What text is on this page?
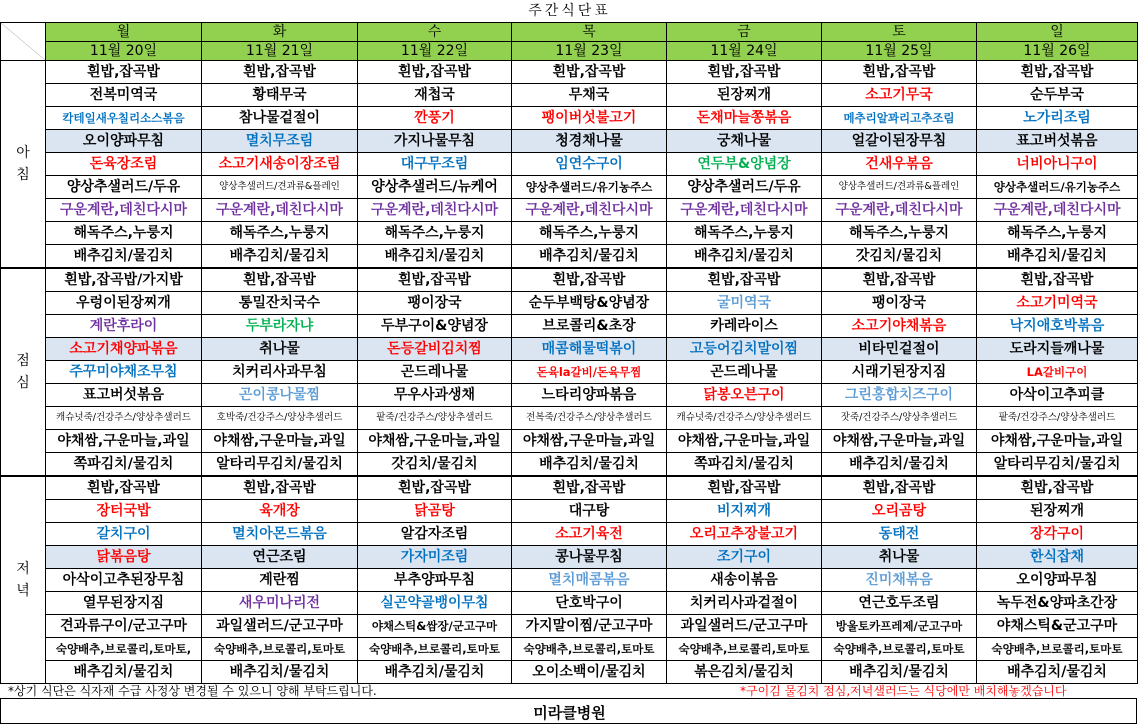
주간식단표
	월	화	수	목	금	토	일
	11월 20일	11월 21일	11월 22일	11월 23일	11월 24일	11월 25일	11월 26일
아침	흰밥,잡곡밥	흰밥,잡곡밥	흰밥,잡곡밥	흰밥,잡곡밥	흰밥,잡곡밥	흰밥,잡곡밥	흰밥,잡곡밥
	전복미역국	황태무국	재첩국	무채국	된장찌개	소고기무국	순두부국
	칵테일새우칠리소스볶음	참나물겉절이	깐풍기	팽이버섯불고기	돈채마늘쫑볶음	메추리알꽈리고추조림	노가리조림
	오이양파무침	멸치무조림	가지나물무침	청경채나물	궁채나물	얼갈이된장무침	표고버섯볶음
	돈육장조림	소고기새송이장조림	대구무조림	임연수구이	연두부&양념장	건새우볶음	너비아니구이
	양상추샐러드/두유	양상추샐러드/견과류&플레인	양상추샐러드/뉴케어	양상추샐러드/유기농주스	양상추샐러드/두유	양상추샐러드/견과류&플레인	양상추샐러드/유기농주스
	구운계란,데친다시마	구운계란,데친다시마	구운계란,데친다시마	구운계란,데친다시마	구운계란,데친다시마	구운계란,데친다시마	구운계란,데친다시마
	해독주스,누룽지	해독주스,누룽지	해독주스,누룽지	해독주스,누룽지	해독주스,누룽지	해독주스,누룽지	해독주스,누룽지
	배추김치/물김치	배추김치/물김치	배추김치/물김치	배추김치/물김치	배추김치/물김치	갓김치/물김치	배추김치/물김치
점심	흰밥,잡곡밥/가지밥	흰밥,잡곡밥	흰밥,잡곡밥	흰밥,잡곡밥	흰밥,잡곡밥	흰밥,잡곡밥	흰밥,잡곡밥
	우렁이된장찌개	통밀잔치국수	팽이장국	순두부백탕&양념장	굴미역국	팽이장국	소고기미역국
	계란후라이	두부라자냐	두부구이&양념장	브로콜리&초장	카레라이스	소고기야채볶음	낙지애호박볶음
	소고기채양파볶음	취나물	돈등갈비김치찜	매콤해물떡볶이	고등어김치말이찜	비타민겉절이	도라지들깨나물
	주꾸미야채조무침	치커리사과무침	곤드레나물	돈육la갈비/돈육무찜	곤드레나물	시래기된장지짐	LA갈비구이
	표고버섯볶음	곤이콩나물찜	무우사과생채	느타리양파볶음	닭봉오븐구이	그린홍합치즈구이	아삭이고추피클
	캐슈넛죽/건강주스/양상추샐러드	호박죽/건강주스/양상추샐러드	팥죽/건강주스/양상추샐러드	전복죽/건강주스/양상추샐러드	캐슈넛죽/건강주스/양상추샐러드	잣죽/건강주스/양상추샐러드	팥죽/건강주스/양상추샐러드
	야채쌈,구운마늘,과일	야채쌈,구운마늘,과일	야채쌈,구운마늘,과일	야채쌈,구운마늘,과일	야채쌈,구운마늘,과일	야채쌈,구운마늘,과일	야채쌈,구운마늘,과일
	쪽파김치/물김치	알타리무김치/물김치	갓김치/물김치	배추김치/물김치	쪽파김치/물김치	배추김치/물김치	알타리무김치/물김치
저녁	흰밥,잡곡밥	흰밥,잡곡밥	흰밥,잡곡밥	흰밥,잡곡밥	흰밥,잡곡밥	흰밥,잡곡밥	흰밥,잡곡밥
	장터국밥	육개장	닭곰탕	대구탕	비지찌개	오리곰탕	된장찌개
	갈치구이	멸치아몬드볶음	알감자조림	소고기육전	오리고추장불고기	동태전	장각구이
	닭볶음탕	연근조림	가자미조림	콩나물무침	조기구이	취나물	한식잡채
	아삭이고추된장무침	계란찜	부추양파무침	멸치매콤볶음	새송이볶음	진미채볶음	오이양파무침
	열무된장지짐	새우미나리전	실곤약골뱅이무침	단호박구이	치커리사과겉절이	연근호두조림	녹두전&양파초간장
	견과류구이/군고구마	과일샐러드/군고구마	야채스틱&쌈장/군고구마	가지말이찜/군고구마	과일샐러드/군고구마	방울토카프레제/군고구마	야채스틱&군고구마
	숙양배추,브로콜리,토마토,	숙양배추,브로콜리,토마토	숙양배추,브로콜리,토마토	숙양배추,브로콜리,토마토	숙양배추,브로콜리,토마토	숙양배추,브로콜리,토마토	숙양배추,브로콜리,토마토
	배추김치/물김치	배추김치/물김치	배추김치/물김치	오이소백이/물김치	볶은김치/물김치	배추김치/물김치	배추김치/물김치
*상기 식단은 식자재 수급 사정상 변경될 수 있으니 양해 부탁드립니다.	*구이김 물김치 점심,저녁샐러드는 식당에만 배치해놓겠습니다
미라클병원
